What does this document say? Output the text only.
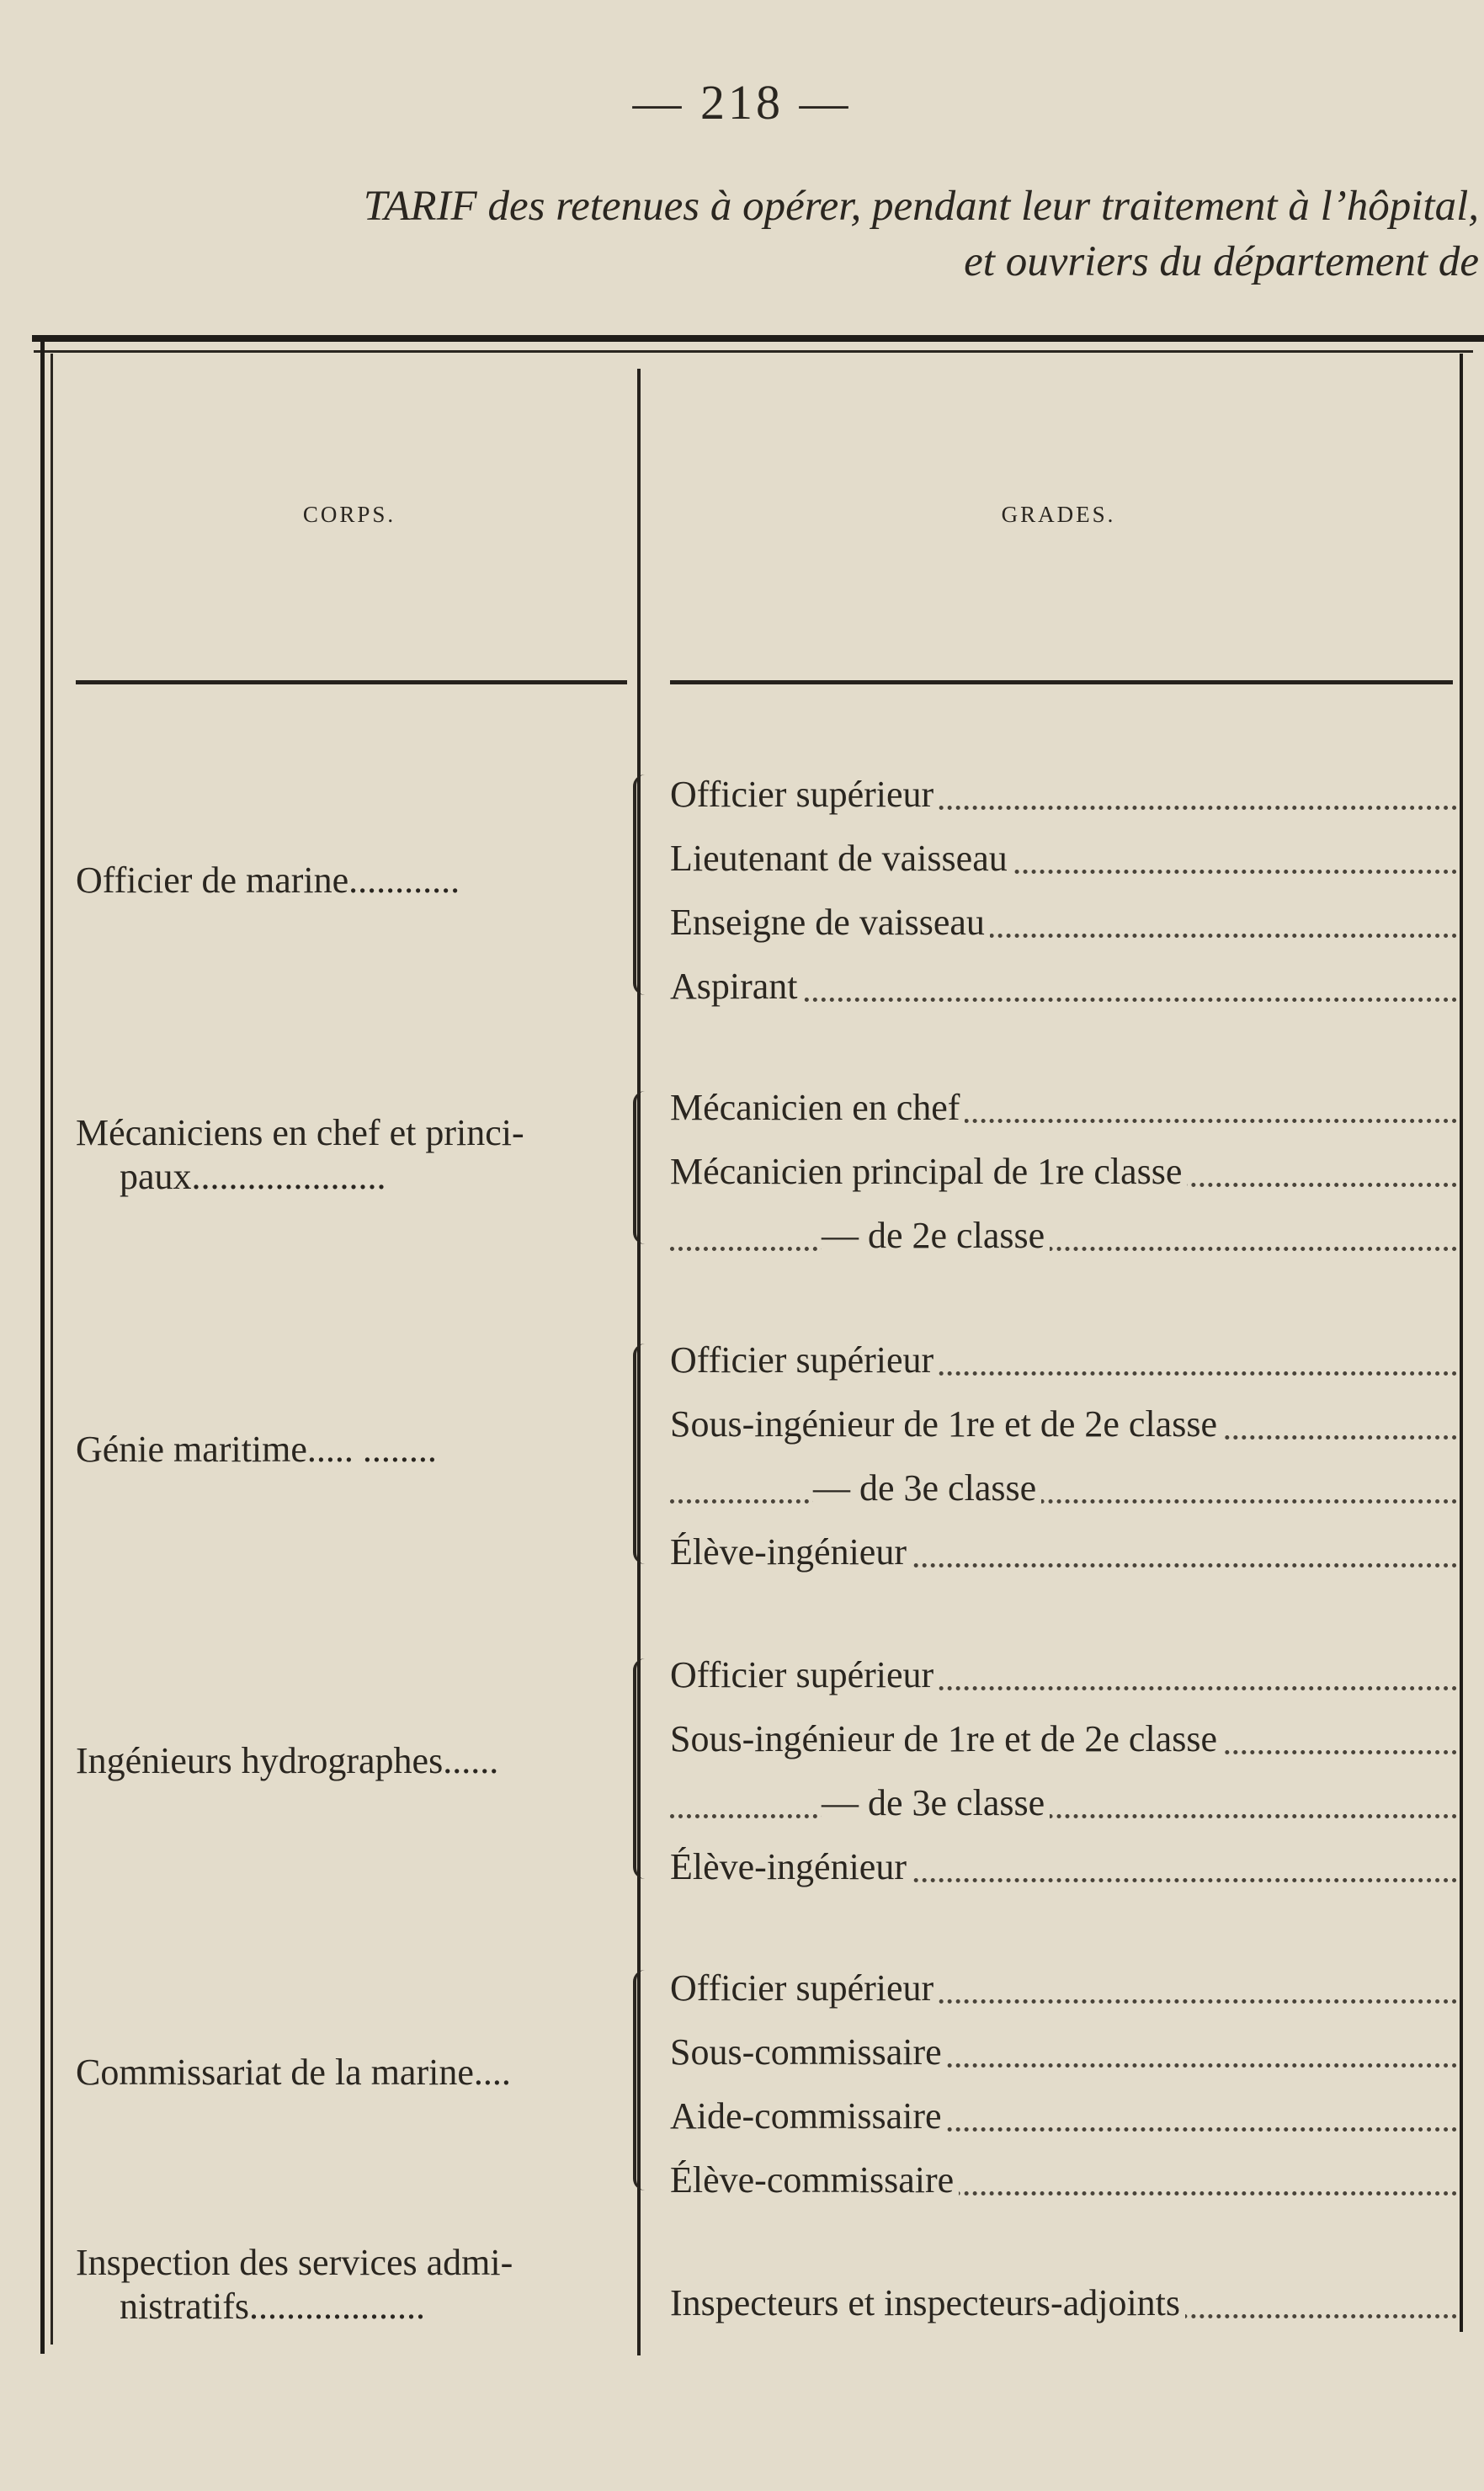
— 218 —
TARIF des retenues à opérer, pendant leur traitement à l’hôpital,
et ouvriers du département de
CORPS.	GRADES.
Officier de marine............
Officier supérieur
Lieutenant de vaisseau
Enseigne de vaisseau
Aspirant
Mécaniciens en chef et princi-
paux.....................
Mécanicien en chef
Mécanicien principal de 1re classe
— de 2e classe
Génie maritime..... ........
Officier supérieur
Sous-ingénieur de 1re et de 2e classe
— de 3e classe
Élève-ingénieur
Ingénieurs hydrographes......
Officier supérieur
Sous-ingénieur de 1re et de 2e classe
— de 3e classe
Élève-ingénieur
Commissariat de la marine....
Officier supérieur
Sous-commissaire
Aide-commissaire
Élève-commissaire
Inspection des services admi-
nistratifs...................	Inspecteurs et inspecteurs-adjoints
